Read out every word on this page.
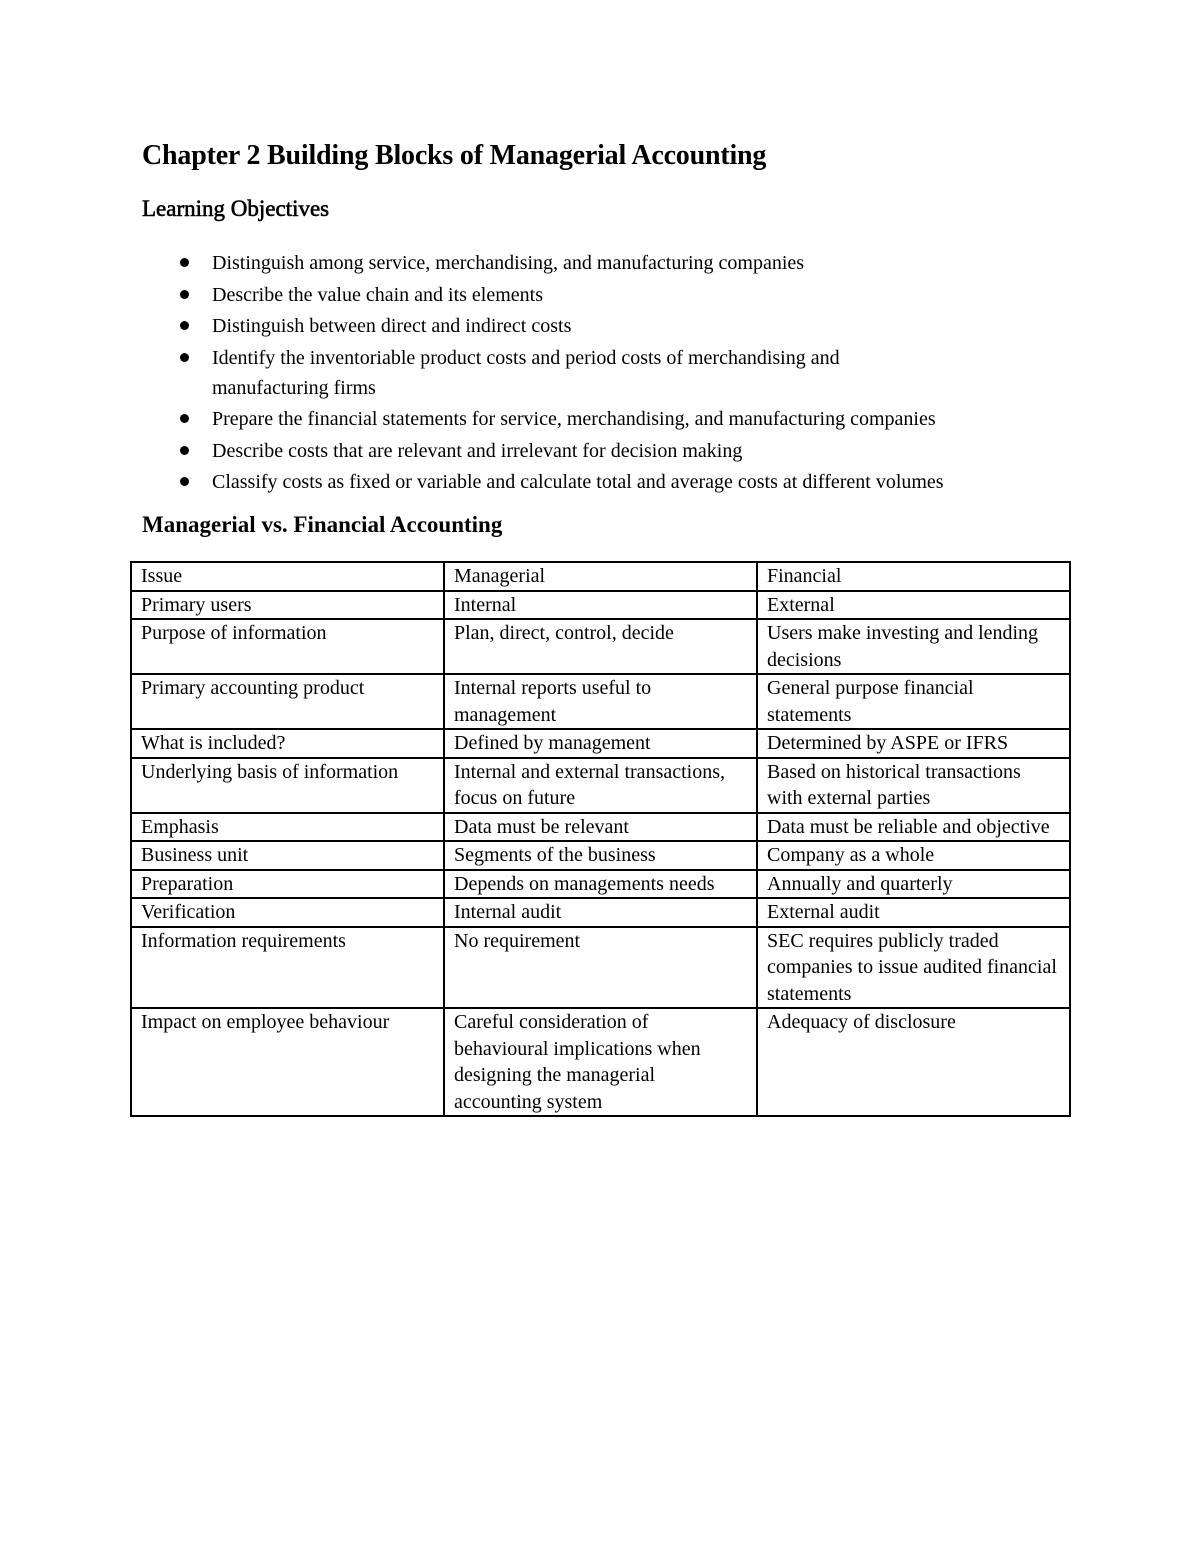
Chapter 2 Building Blocks of Managerial Accounting
Learning Objectives
Distinguish among service, merchandising, and manufacturing companies
Describe the value chain and its elements
Distinguish between direct and indirect costs
Identify the inventoriable product costs and period costs of merchandising and manufacturing firms
Prepare the financial statements for service, merchandising, and manufacturing companies
Describe costs that are relevant and irrelevant for decision making
Classify costs as fixed or variable and calculate total and average costs at different volumes
Managerial vs. Financial Accounting
Issue	Managerial	Financial
Primary users	Internal	External
Purpose of information	Plan, direct, control, decide	Users make investing and lending decisions
Primary accounting product	Internal reports useful to management	General purpose financial statements
What is included?	Defined by management	Determined by ASPE or IFRS
Underlying basis of information	Internal and external transactions, focus on future	Based on historical transactions with external parties
Emphasis	Data must be relevant	Data must be reliable and objective
Business unit	Segments of the business	Company as a whole
Preparation	Depends on managements needs	Annually and quarterly
Verification	Internal audit	External audit
Information requirements	No requirement	SEC requires publicly traded companies to issue audited financial statements
Impact on employee behaviour	Careful consideration of behavioural implications when designing the managerial accounting system	Adequacy of disclosure
